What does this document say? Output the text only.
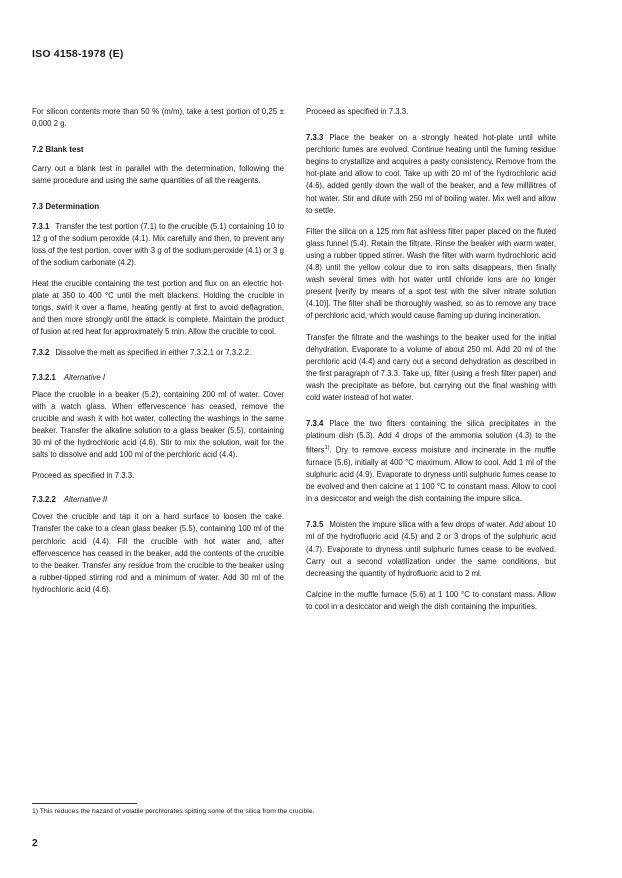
ISO 4158-1978 (E)

For silicon contents more than 50 % (m/m), take a test portion of 0,25 ± 0,000 2 g.

7.2 Blank test

Carry out a blank test in parallel with the determination, following the same procedure and using the same quantities of all the reagents.

7.3 Determination

7.3.1 Transfer the test portion (7.1) to the crucible (5.1) containing 10 to 12 g of the sodium peroxide (4.1). Mix carefully and then, to prevent any loss of the test portion, cover with 3 g of the sodium peroxide (4.1) or 3 g of the sodium carbonate (4.2).

Heat the crucible containing the test portion and flux on an electric hot-plate at 350 to 400 °C until the melt blackens. Holding the crucible in tongs, swirl it over a flame, heating gently at first to avoid deflagration, and then more strongly until the attack is complete. Maintain the product of fusion at red heat for approximately 5 min. Allow the crucible to cool.

7.3.2 Dissolve the melt as specified in either 7.3.2.1 or 7.3.2.2.

7.3.2.1 Alternative I

Place the crucible in a beaker (5.2), containing 200 ml of water. Cover with a watch glass. When effervescence has ceased, remove the crucible and wash it with hot water, collecting the washings in the same beaker. Transfer the alkaline solution to a glass beaker (5.5), containing 30 ml of the hydrochloric acid (4.6). Stir to mix the solution, wait for the salts to dissolve and add 100 ml of the perchloric acid (4.4).

Proceed as specified in 7.3.3.

7.3.2.2 Alternative II

Cover the crucible and tap it on a hard surface to loosen the cake. Transfer the cake to a clean glass beaker (5.5), containing 100 ml of the perchloric acid (4.4). Fill the crucible with hot water and, after effervescence has ceased in the beaker, add the contents of the crucible to the beaker. Transfer any residue from the crucible to the beaker using a rubber-tipped stirring rod and a minimum of water. Add 30 ml of the hydrochloric acid (4.6).

Proceed as specified in 7.3.3.

7.3.3 Place the beaker on a strongly heated hot-plate until white perchloric fumes are evolved. Continue heating until the fuming residue begins to crystallize and acquires a pasty consistency. Remove from the hot-plate and allow to cool. Take up with 20 ml of the hydrochloric acid (4.6), added gently down the wall of the beaker, and a few millilitres of hot water. Stir and dilute with 250 ml of boiling water. Mix well and allow to settle.

Filter the silica on a 125 mm flat ashless filter paper placed on the fluted glass funnel (5.4). Retain the filtrate. Rinse the beaker with warm water, using a rubber tipped stirrer. Wash the filter with warm hydrochloric acid (4.8) until the yellow colour due to iron salts disappears, then finally wash several times with hot water until chloride ions are no longer present [verify by means of a spot test with the silver nitrate solution (4.10)]. The filter shall be thoroughly washed, so as to remove any trace of perchloric acid, which would cause flaming up during incineration.

Transfer the filtrate and the washings to the beaker used for the initial dehydration. Evaporate to a volume of about 250 ml. Add 20 ml of the perchloric acid (4.4) and carry out a second dehydration as described in the first paragraph of 7.3.3. Take up, filter (using a fresh filter paper) and wash the precipitate as before, but carrying out the final washing with cold water instead of hot water.

7.3.4 Place the two filters containing the silica precipitates in the platinum dish (5.3). Add 4 drops of the ammonia solution (4.3) to the filters$^{1)}$. Dry to remove excess moisture and incinerate in the muffle furnace (5.6), initially at 400 °C maximum. Allow to cool. Add 1 ml of the sulphuric acid (4.9). Evaporate to dryness until sulphuric fumes cease to be evolved and then calcine at 1 100 °C to constant mass. Allow to cool in a desiccator and weigh the dish containing the impure silica.

7.3.5 Moisten the impure silica with a few drops of water. Add about 10 ml of the hydrofluoric acid (4.5) and 2 or 3 drops of the sulphuric acid (4.7). Evaporate to dryness until sulphuric fumes cease to be evolved. Carry out a second volatilization under the same conditions, but decreasing the quantity of hydrofluoric acid to 2 ml.

Calcine in the muffle furnace (5.6) at 1 100 °C to constant mass. Allow to cool in a desiccator and weigh the dish containing the impurities.

1) This reduces the hazard of volatile perchlorates spitting some of the silica from the crucible.
2
